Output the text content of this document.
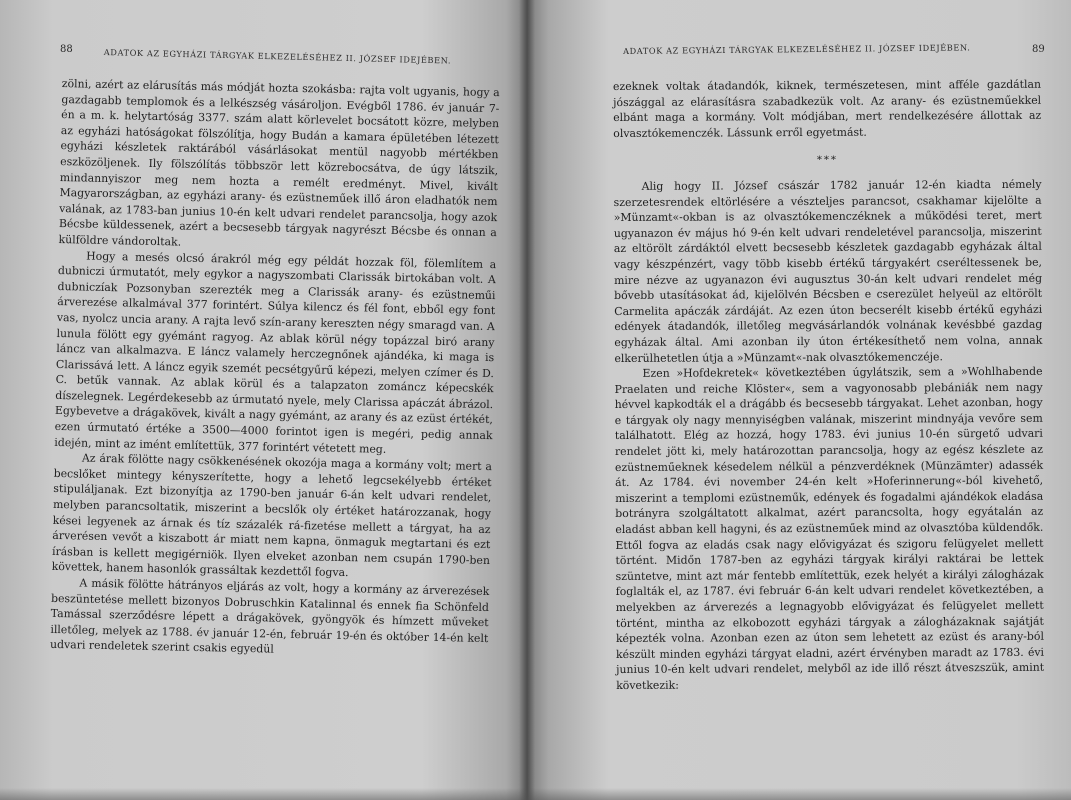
88	ADATOK AZ EGYHÁZI TÁRGYAK ELKEZELÉSÉHEZ II. JÓZSEF IDEJÉBEN.

zölni, azért az elárusítás más módját hozta szokásba: rajta volt ugyanis, hogy a gazdagabb templomok és a lelkészség vásároljon. Evégből 1786. év január 7-én a m. k. helytartóság 3377. szám alatt körlevelet bocsátott közre, melyben az egyházi hatóságokat fölszólítja, hogy Budán a kamara épületében létezett egyházi készletek raktárából vásárlásokat mentül nagyobb mértékben eszközöljenek. Ily fölszólítás többször lett közrebocsátva, de úgy látszik, mindannyiszor meg nem hozta a remélt eredményt. Mivel, kivált Magyarországban, az egyházi arany- és ezüstneműek illő áron eladhatók nem valának, az 1783-ban junius 10-én kelt udvari rendelet parancsolja, hogy azok Bécsbe küldessenek, azért a becsesebb tárgyak nagyrészt Bécsbe és onnan a külföldre vándoroltak.

Hogy a mesés olcsó árakról még egy példát hozzak föl, fölemlítem a dubniczi úrmutatót, mely egykor a nagyszombati Clarissák birtokában volt. A dubniczíak Pozsonyban szerezték meg a Clarissák arany- és ezüstneműi árverezése alkalmával 377 forintért. Súlya kilencz és fél font, ebből egy font vas, nyolcz uncia arany. A rajta levő szín-arany kereszten négy smaragd van. A lunula fölött egy gyémánt ragyog. Az ablak körül négy topázzal biró arany láncz van alkalmazva. E láncz valamely herczegnőnek ajándéka, ki maga is Clarissává lett. A láncz egyik szemét pecsétgyűrű képezi, melyen czímer és D. C. betűk vannak. Az ablak körül és a talapzaton zománcz képecskék díszelegnek. Legérdekesebb az úrmutató nyele, mely Clarissa apáczát ábrázol. Egybevetve a drágakövek, kivált a nagy gyémánt, az arany és az ezüst értékét, ezen úrmutató értéke a 3500—4000 forintot igen is megéri, pedig annak idején, mint az imént említettük, 377 forintért vétetett meg.

Az árak fölötte nagy csökkenésének okozója maga a kormány volt; mert a becslőket mintegy kényszerítette, hogy a lehető legcsekélyebb értéket stipuláljanak. Ezt bizonyítja az 1790-ben január 6-án kelt udvari rendelet, melyben parancsoltatik, miszerint a becslők oly értéket határozzanak, hogy kései legyenek az árnak és tíz százalék rá-fizetése mellett a tárgyat, ha az árverésen vevőt a kiszabott ár miatt nem kapna, önmaguk megtartani és ezt írásban is kellett megigérniök. Ilyen elveket azonban nem csupán 1790-ben követtek, hanem hasonlók grassáltak kezdettől fogva.

A másik fölötte hátrányos eljárás az volt, hogy a kormány az árverezések beszüntetése mellett bizonyos Dobruschkin Katalinnal és ennek fia Schönfeld Tamással szerződésre lépett a drágakövek, gyöngyök és hímzett műveket illetőleg, melyek az 1788. év január 12-én, február 19-én és október 14-én kelt udvari rendeletek szerint csakis egyedül

ADATOK AZ EGYHÁZI TÁRGYAK ELKEZELÉSÉHEZ II. JÓZSEF IDEJÉBEN.	89

ezeknek voltak átadandók, kiknek, természetesen, mint afféle gazdátlan jószággal az elárasításra szabadkezük volt. Az arany- és ezüstneműekkel elbánt maga a kormány. Volt módjában, mert rendelkezésére állottak az olvasztókemenczék. Lássunk erről egyetmást.

***

Alig hogy II. József császár 1782 január 12-én kiadta némely szerzetesrendek eltörlésére a vészteljes parancsot, csakhamar kijelölte a »Münzamt«-okban is az olvasztókemenczéknek a működési teret, mert ugyanazon év május hó 9-én kelt udvari rendeletével parancsolja, miszerint az eltörölt zárdáktól elvett becsesebb készletek gazdagabb egyházak által vagy készpénzért, vagy több kisebb értékű tárgyakért cseréltessenek be, mire nézve az ugyanazon évi augusztus 30-án kelt udvari rendelet még bővebb utasításokat ád, kijelölvén Bécsben e cserezület helyeül az eltörölt Carmelita apáczák zárdáját. Az ezen úton becserélt kisebb értékű egyházi edények átadandók, illetőleg megvásárlandók volnának kevésbbé gazdag egyházak által. Ami azonban ily úton értékesíthető nem volna, annak elkerülhetetlen útja a »Münzamt«-nak olvasztókemenczéje.

Ezen »Hofdekretek« következtében úgylátszik, sem a »Wohlhabende Praelaten und reiche Klöster«, sem a vagyonosabb plebániák nem nagy hévvel kapkodták el a drágább és becsesebb tárgyakat. Lehet azonban, hogy e tárgyak oly nagy mennyiségben valának, miszerint mindnyája vevőre sem találhatott. Elég az hozzá, hogy 1783. évi junius 10-én sürgető udvari rendelet jött ki, mely határozottan parancsolja, hogy az egész készlete az ezüstneműeknek késedelem nélkül a pénzverdéknek (Münzämter) adassék át. Az 1784. évi november 24-én kelt »Hoferinnerung«-ból kivehető, miszerint a templomi ezüstneműk, edények és fogadalmi ajándékok eladása botrányra szolgáltatott alkalmat, azért parancsolta, hogy egyátalán az eladást abban kell hagyni, és az ezüstneműek mind az olvasztóba küldendők. Ettől fogva az eladás csak nagy elővigyázat és szigoru felügyelet mellett történt. Midőn 1787-ben az egyházi tárgyak királyi raktárai be lettek szüntetve, mint azt már fentebb említettük, ezek helyét a királyi zálogházak foglalták el, az 1787. évi február 6-án kelt udvari rendelet következtében, a melyekben az árverezés a legnagyobb elővigyázat és felügyelet mellett történt, mintha az elkobozott egyházi tárgyak a zálogházaknak sajátját képezték volna. Azonban ezen az úton sem lehetett az ezüst és arany-ból készült minden egyházi tárgyat eladni, azért érvényben maradt az 1783. évi junius 10-én kelt udvari rendelet, melyből az ide illő részt átveszszük, amint következik:
